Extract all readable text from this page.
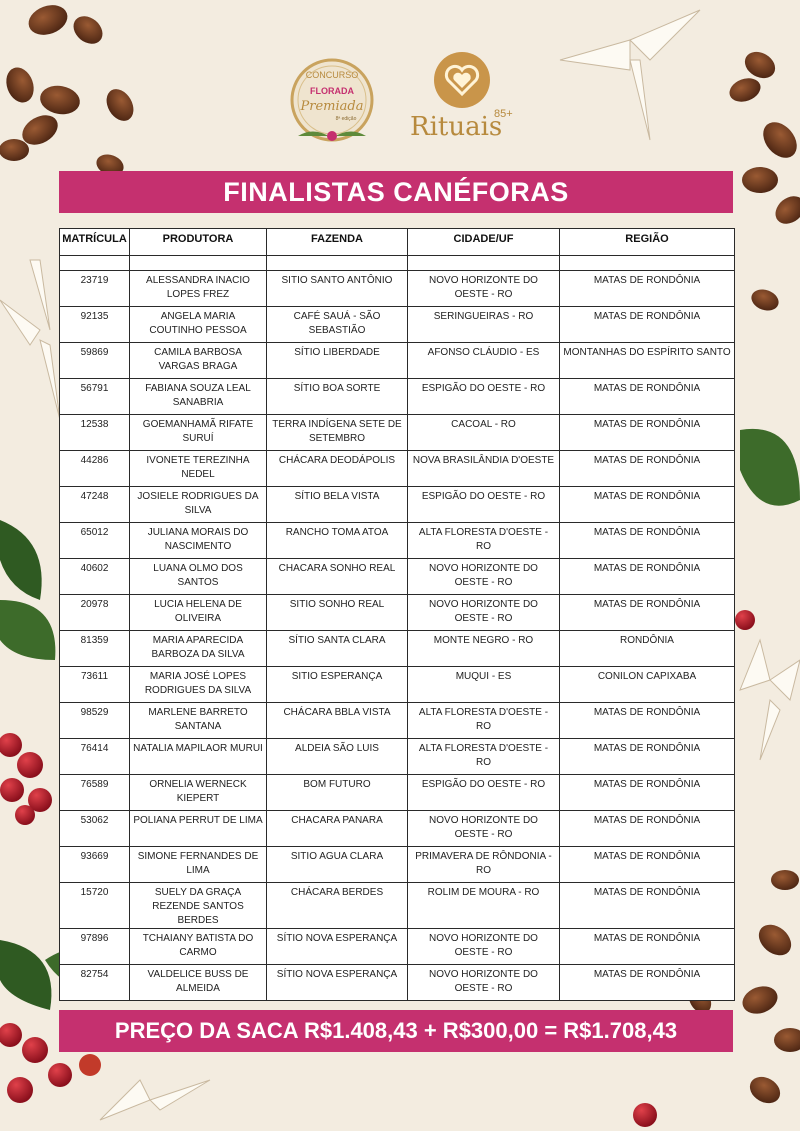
CONCURSO
FLORADA
Premiada
8ª edição Rituais
85+
FINALISTAS CANÉFORAS
MATRÍCULA	PRODUTORA	FAZENDA	CIDADE/UF	REGIÃO

23719	ALESSANDRA INACIO LOPES FREZ	SITIO SANTO ANTÔNIO	NOVO HORIZONTE DO OESTE - RO	MATAS DE RONDÔNIA
92135	ANGELA MARIA COUTINHO PESSOA	CAFÉ SAUÁ - SÃO SEBASTIÃO	SERINGUEIRAS - RO	MATAS DE RONDÔNIA
59869	CAMILA BARBOSA VARGAS BRAGA	SÍTIO LIBERDADE	AFONSO CLÁUDIO - ES	MONTANHAS DO ESPÍRITO SANTO
56791	FABIANA SOUZA LEAL SANABRIA	SÍTIO BOA SORTE	ESPIGÃO DO OESTE - RO	MATAS DE RONDÔNIA
12538	GOEMANHAMÃ RIFATE SURUÍ	TERRA INDÍGENA SETE DE SETEMBRO	CACOAL - RO	MATAS DE RONDÔNIA
44286	IVONETE TEREZINHA NEDEL	CHÁCARA DEODÁPOLIS	NOVA BRASILÂNDIA D'OESTE	MATAS DE RONDÔNIA
47248	JOSIELE RODRIGUES DA SILVA	SÍTIO BELA VISTA	ESPIGÃO DO OESTE - RO	MATAS DE RONDÔNIA
65012	JULIANA MORAIS DO NASCIMENTO	RANCHO TOMA ATOA	ALTA FLORESTA D'OESTE - RO	MATAS DE RONDÔNIA
40602	LUANA OLMO DOS SANTOS	CHACARA SONHO REAL	NOVO HORIZONTE DO OESTE - RO	MATAS DE RONDÔNIA
20978	LUCIA HELENA DE OLIVEIRA	SITIO SONHO REAL	NOVO HORIZONTE DO OESTE - RO	MATAS DE RONDÔNIA
81359	MARIA APARECIDA BARBOZA DA SILVA	SÍTIO SANTA CLARA	MONTE NEGRO - RO	RONDÔNIA
73611	MARIA JOSÉ LOPES RODRIGUES DA SILVA	SITIO ESPERANÇA	MUQUI - ES	CONILON CAPIXABA
98529	MARLENE BARRETO SANTANA	CHÁCARA BBLA VISTA	ALTA FLORESTA D'OESTE - RO	MATAS DE RONDÔNIA
76414	NATALIA MAPILAOR MURUI	ALDEIA SÃO LUIS	ALTA FLORESTA D'OESTE - RO	MATAS DE RONDÔNIA
76589	ORNELIA WERNECK KIEPERT	BOM FUTURO	ESPIGÃO DO OESTE - RO	MATAS DE RONDÔNIA
53062	POLIANA PERRUT DE LIMA	CHACARA PANARA	NOVO HORIZONTE DO OESTE - RO	MATAS DE RONDÔNIA
93669	SIMONE FERNANDES DE LIMA	SITIO AGUA CLARA	PRIMAVERA DE RÔNDONIA - RO	MATAS DE RONDÔNIA
15720	SUELY DA GRAÇA REZENDE SANTOS BERDES	CHÁCARA BERDES	ROLIM DE MOURA - RO	MATAS DE RONDÔNIA
97896	TCHAIANY BATISTA DO CARMO	SÍTIO NOVA ESPERANÇA	NOVO HORIZONTE DO OESTE - RO	MATAS DE RONDÔNIA
82754	VALDELICE BUSS DE ALMEIDA	SÍTIO NOVA ESPERANÇA	NOVO HORIZONTE DO OESTE - RO	MATAS DE RONDÔNIA
PREÇO DA SACA R$1.408,43 + R$300,00 = R$1.708,43
